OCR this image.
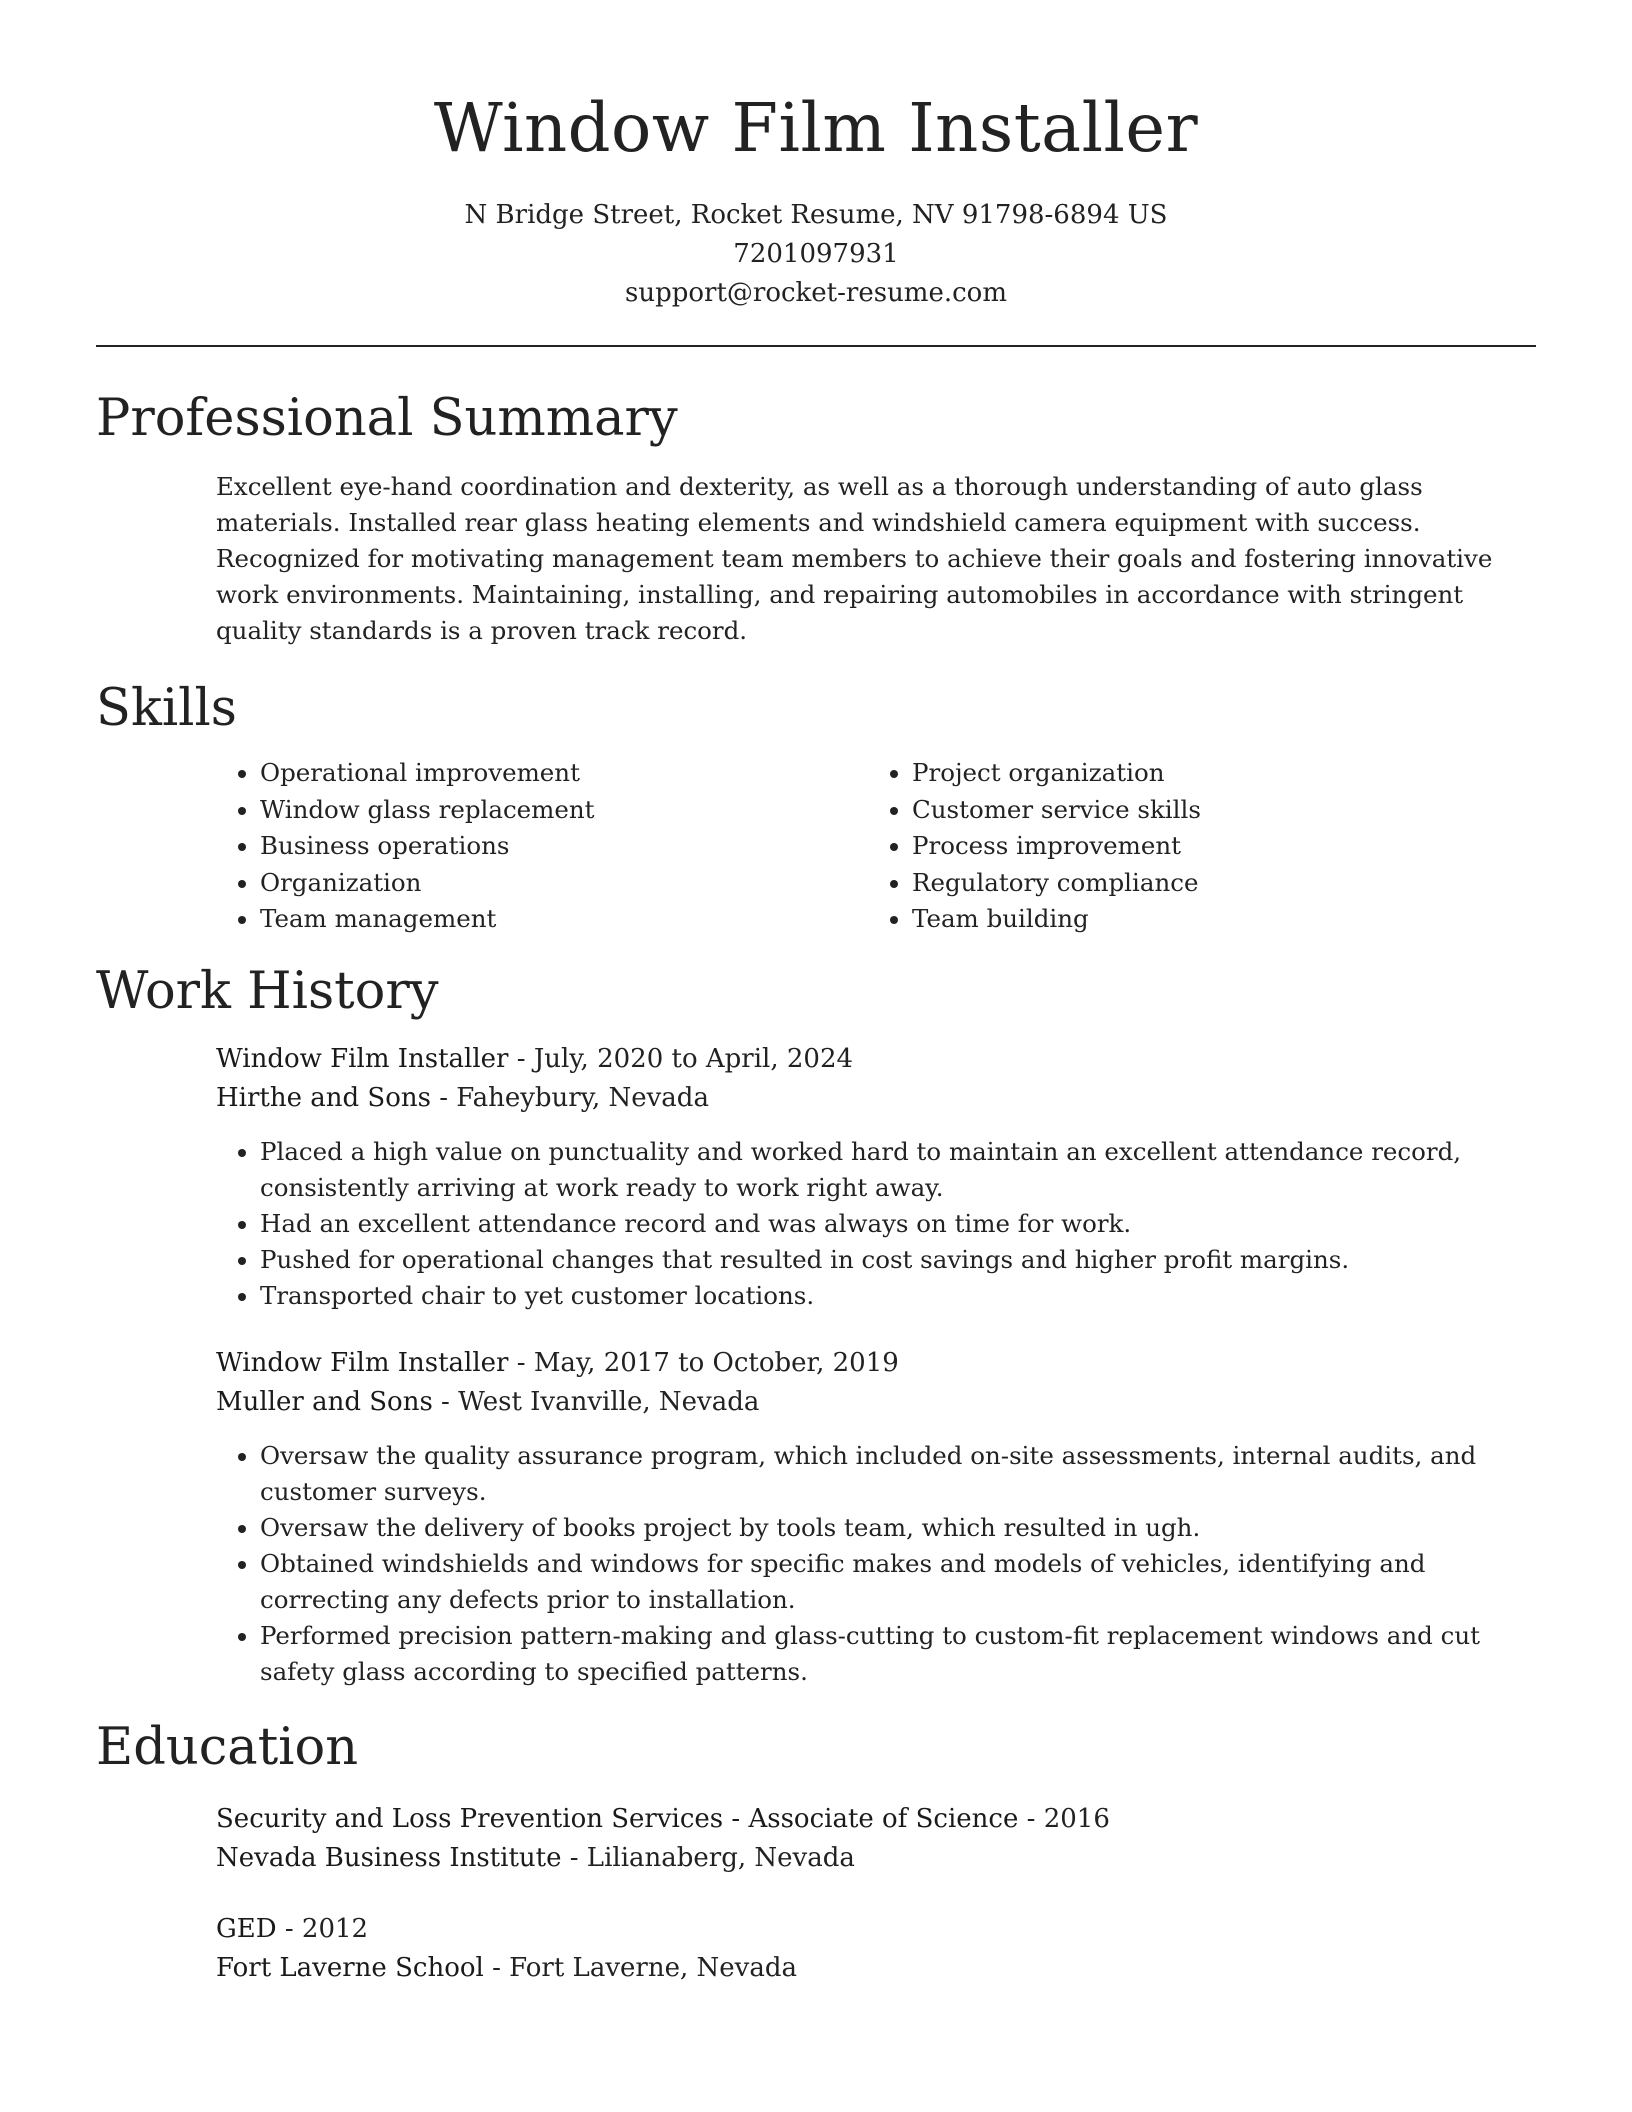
Window Film Installer
N Bridge Street, Rocket Resume, NV 91798-6894 US
7201097931
support@rocket-resume.com
Professional Summary

Excellent eye-hand coordination and dexterity, as well as a thorough understanding of auto glass materials. Installed rear glass heating elements and windshield camera equipment with success. Recognized for motivating management team members to achieve their goals and fostering innovative work environments. Maintaining, installing, and repairing automobiles in accordance with stringent quality standards is a proven track record.

Skills
• Operational improvement
• Window glass replacement
• Business operations
• Organization
• Team management
• Project organization
• Customer service skills
• Process improvement
• Regulatory compliance
• Team building
Work History
Window Film Installer - July, 2020 to April, 2024
Hirthe and Sons - Faheybury, Nevada
• Placed a high value on punctuality and worked hard to maintain an excellent attendance record, consistently arriving at work ready to work right away.
• Had an excellent attendance record and was always on time for work.
• Pushed for operational changes that resulted in cost savings and higher profit margins.
• Transported chair to yet customer locations.
Window Film Installer - May, 2017 to October, 2019
Muller and Sons - West Ivanville, Nevada
• Oversaw the quality assurance program, which included on-site assessments, internal audits, and customer surveys.
• Oversaw the delivery of books project by tools team, which resulted in ugh.
• Obtained windshields and windows for specific makes and models of vehicles, identifying and correcting any defects prior to installation.
• Performed precision pattern-making and glass-cutting to custom-fit replacement windows and cut safety glass according to specified patterns.
Education
Security and Loss Prevention Services - Associate of Science - 2016
Nevada Business Institute - Lilianaberg, Nevada
GED - 2012
Fort Laverne School - Fort Laverne, Nevada
